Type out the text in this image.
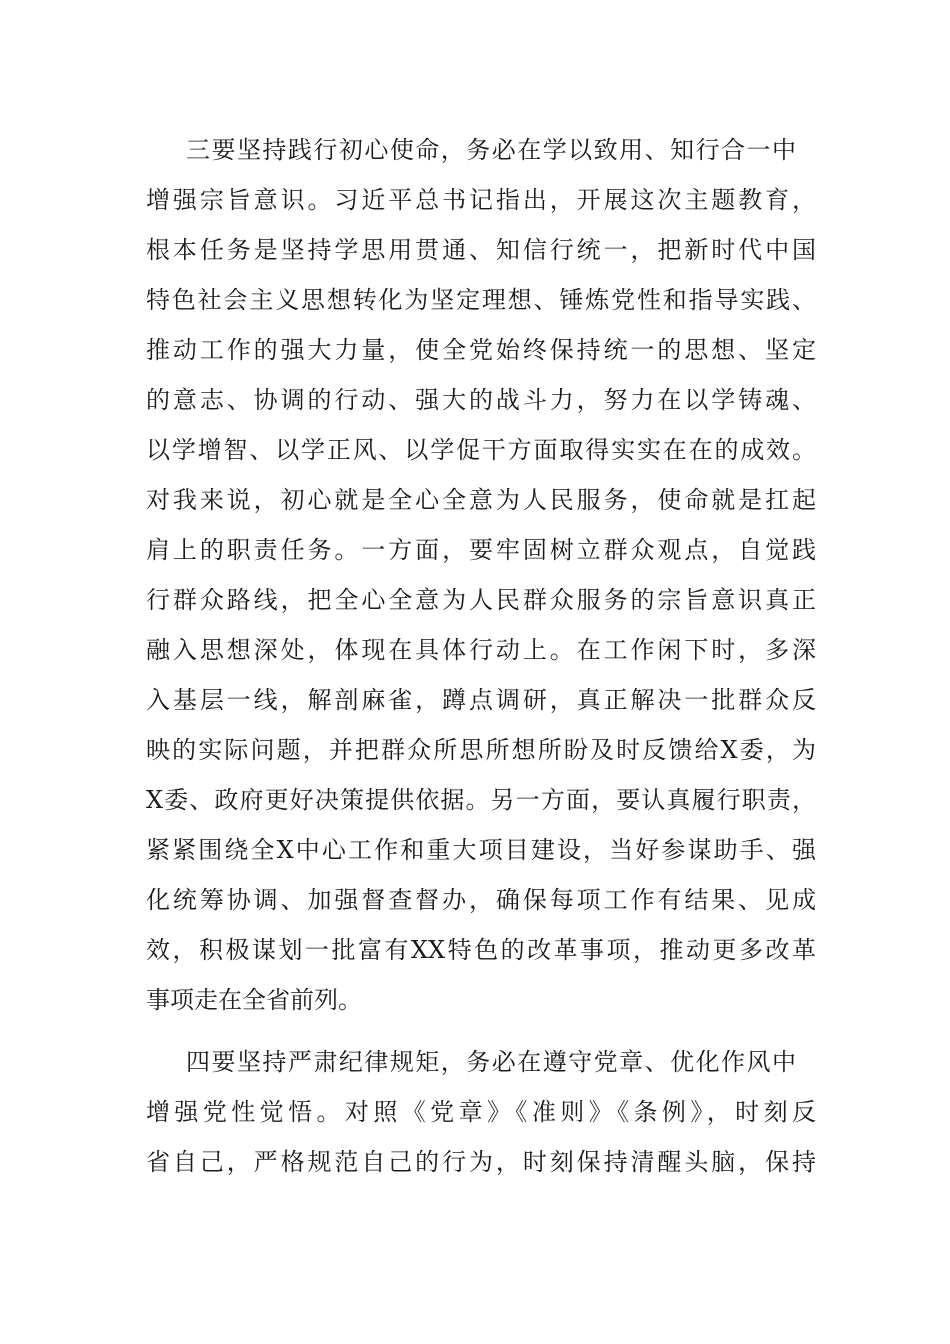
三要坚持践行初心使命，务必在学以致用、知行合一中
增强宗旨意识。习近平总书记指出，开展这次主题教育，
根本任务是坚持学思用贯通、知信行统一，把新时代中国
特色社会主义思想转化为坚定理想、锤炼党性和指导实践、
推动工作的强大力量，使全党始终保持统一的思想、坚定
的意志、协调的行动、强大的战斗力，努力在以学铸魂、
以学增智、以学正风、以学促干方面取得实实在在的成效。
对我来说，初心就是全心全意为人民服务，使命就是扛起
肩上的职责任务。一方面，要牢固树立群众观点，自觉践
行群众路线，把全心全意为人民群众服务的宗旨意识真正
融入思想深处，体现在具体行动上。在工作闲下时，多深
入基层一线，解剖麻雀，蹲点调研，真正解决一批群众反
映的实际问题，并把群众所思所想所盼及时反馈给X委，为
X委、政府更好决策提供依据。另一方面，要认真履行职责，
紧紧围绕全X中心工作和重大项目建设，当好参谋助手、强
化统筹协调、加强督查督办，确保每项工作有结果、见成
效，积极谋划一批富有XX特色的改革事项，推动更多改革
事项走在全省前列。
四要坚持严肃纪律规矩，务必在遵守党章、优化作风中
增强党性觉悟。对照《党章》《准则》《条例》，时刻反
省自己，严格规范自己的行为，时刻保持清醒头脑，保持
